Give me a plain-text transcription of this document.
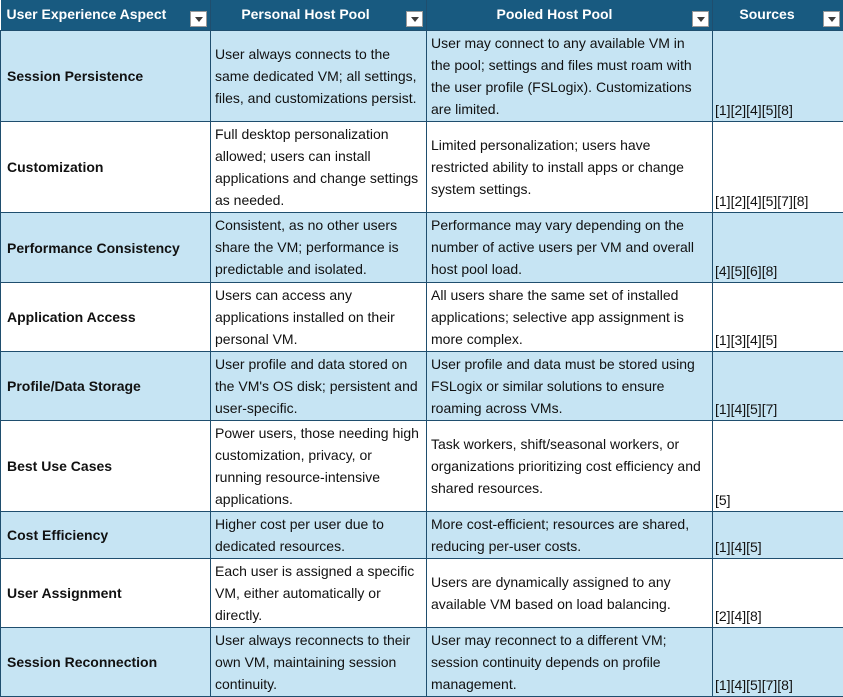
User Experience Aspect	Personal Host Pool	Pooled Host Pool	Sources

Session Persistence	User always connects to the same dedicated VM; all settings, files, and customizations persist.	User may connect to any available VM in the pool; settings and files must roam with the user profile (FSLogix). Customizations are limited.	[1][2][4][5][8]
Customization	Full desktop personalization allowed; users can install applications and change settings as needed.	Limited personalization; users have restricted ability to install apps or change system settings.	[1][2][4][5][7][8]
Performance Consistency	Consistent, as no other users share the VM; performance is predictable and isolated.	Performance may vary depending on the number of active users per VM and overall host pool load.	[4][5][6][8]
Application Access	Users can access any applications installed on their personal VM.	All users share the same set of installed applications; selective app assignment is more complex.	[1][3][4][5]
Profile/Data Storage	User profile and data stored on the VM's OS disk; persistent and user-specific.	User profile and data must be stored using FSLogix or similar solutions to ensure roaming across VMs.	[1][4][5][7]
Best Use Cases	Power users, those needing high customization, privacy, or running resource-intensive applications.	Task workers, shift/seasonal workers, or organizations prioritizing cost efficiency and shared resources.	[5]
Cost Efficiency	Higher cost per user due to dedicated resources.	More cost-efficient; resources are shared, reducing per-user costs.	[1][4][5]
User Assignment	Each user is assigned a specific VM, either automatically or directly.	Users are dynamically assigned to any available VM based on load balancing.	[2][4][8]
Session Reconnection	User always reconnects to their own VM, maintaining session continuity.	User may reconnect to a different VM; session continuity depends on profile management.	[1][4][5][7][8]
